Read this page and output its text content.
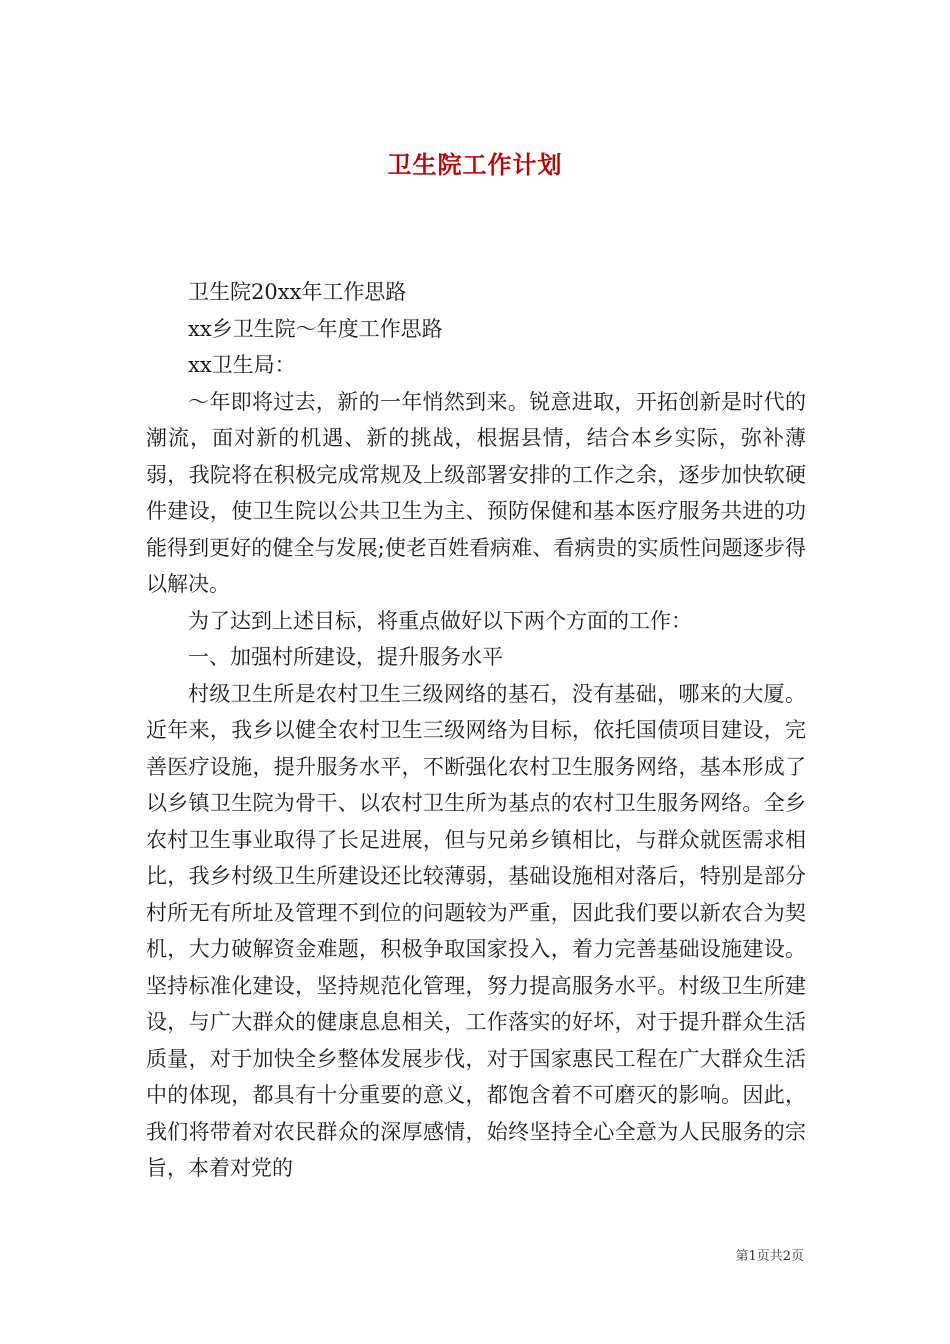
卫生院工作计划

卫生院20xx年工作思路

xx乡卫生院～年度工作思路

xx卫生局：

～年即将过去，新的一年悄然到来。锐意进取，开拓创新是时代的潮流，面对新的机遇、新的挑战，根据县情，结合本乡实际，弥补薄弱，我院将在积极完成常规及上级部署安排的工作之余，逐步加快软硬件建设，使卫生院以公共卫生为主、预防保健和基本医疗服务共进的功能得到更好的健全与发展;使老百姓看病难、看病贵的实质性问题逐步得以解决。

为了达到上述目标，将重点做好以下两个方面的工作：

一、加强村所建设，提升服务水平

村级卫生所是农村卫生三级网络的基石，没有基础，哪来的大厦。近年来，我乡以健全农村卫生三级网络为目标，依托国债项目建设，完善医疗设施，提升服务水平，不断强化农村卫生服务网络，基本形成了以乡镇卫生院为骨干、以农村卫生所为基点的农村卫生服务网络。全乡农村卫生事业取得了长足进展，但与兄弟乡镇相比，与群众就医需求相比，我乡村级卫生所建设还比较薄弱，基础设施相对落后，特别是部分村所无有所址及管理不到位的问题较为严重，因此我们要以新农合为契机，大力破解资金难题，积极争取国家投入，着力完善基础设施建设。坚持标准化建设，坚持规范化管理，努力提高服务水平。村级卫生所建设，与广大群众的健康息息相关，工作落实的好坏，对于提升群众生活质量，对于加快全乡整体发展步伐，对于国家惠民工程在广大群众生活中的体现，都具有十分重要的意义，都饱含着不可磨灭的影响。因此，我们将带着对农民群众的深厚感情，始终坚持全心全意为人民服务的宗旨，本着对党的

第1页共2页
